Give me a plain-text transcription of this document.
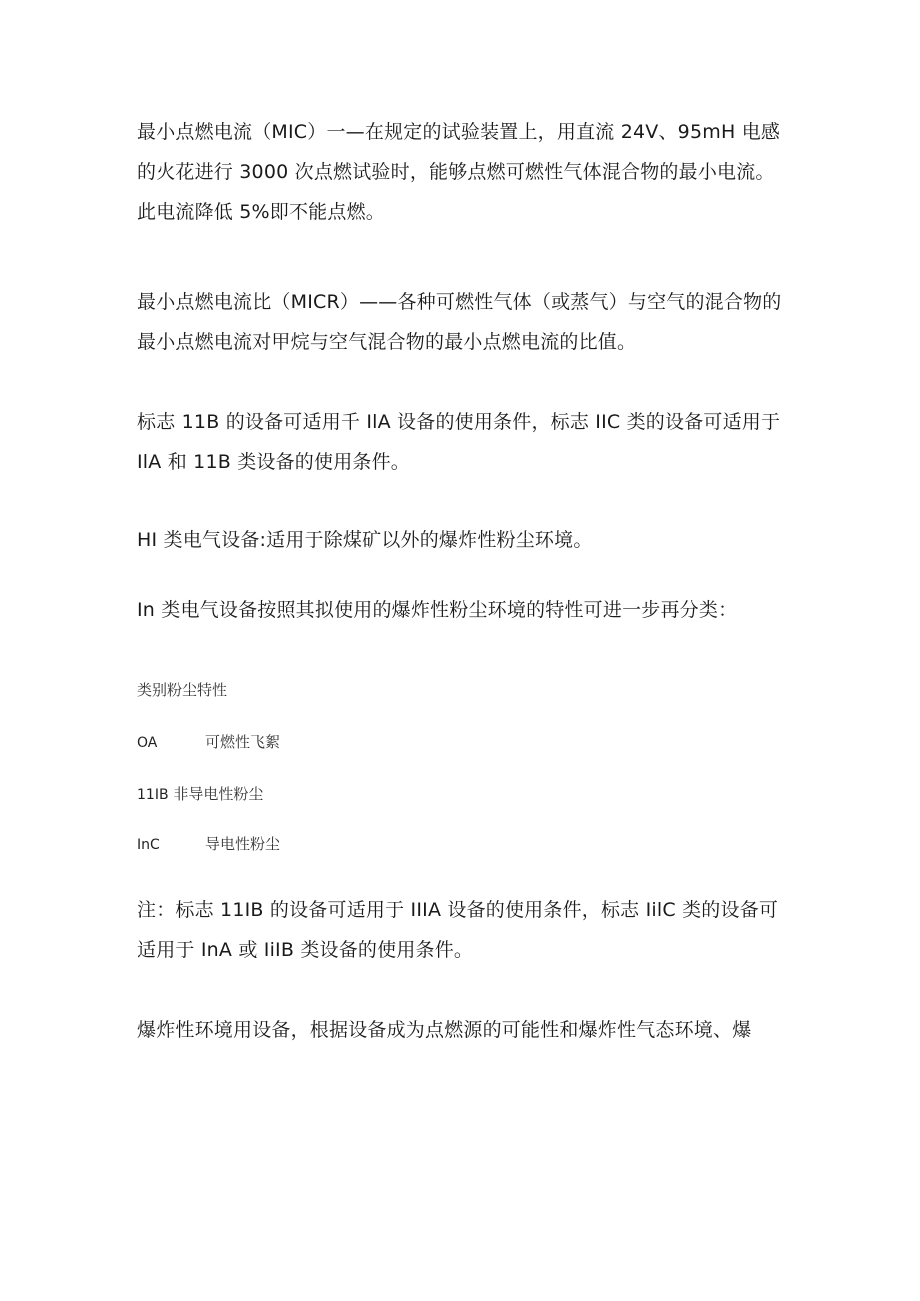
最小点燃电流（MIC）一—在规定的试验装置上，用直流 24V、95mH 电感的火花进行 3000 次点燃试验时，能够点燃可燃性气体混合物的最小电流。此电流降低 5%即不能点燃。

最小点燃电流比（MICR）——各种可燃性气体（或蒸气）与空气的混合物的最小点燃电流对甲烷与空气混合物的最小点燃电流的比值。

标志 11B 的设备可适用千 IlA 设备的使用条件，标志 IIC 类的设备可适用于 IlA 和 11B 类设备的使用条件。

HI 类电气设备:适用于除煤矿以外的爆炸性粉尘环境。

In 类电气设备按照其拟使用的爆炸性粉尘环境的特性可进一步再分类：

类别粉尘特性
OA	可燃性飞絮
11IB 非导电性粉尘
InC	导电性粉尘

注：标志 11IB 的设备可适用于 IIIA 设备的使用条件，标志 IilC 类的设备可适用于 InA 或 IiIB 类设备的使用条件。

爆炸性环境用设备，根据设备成为点燃源的可能性和爆炸性气态环境、爆
